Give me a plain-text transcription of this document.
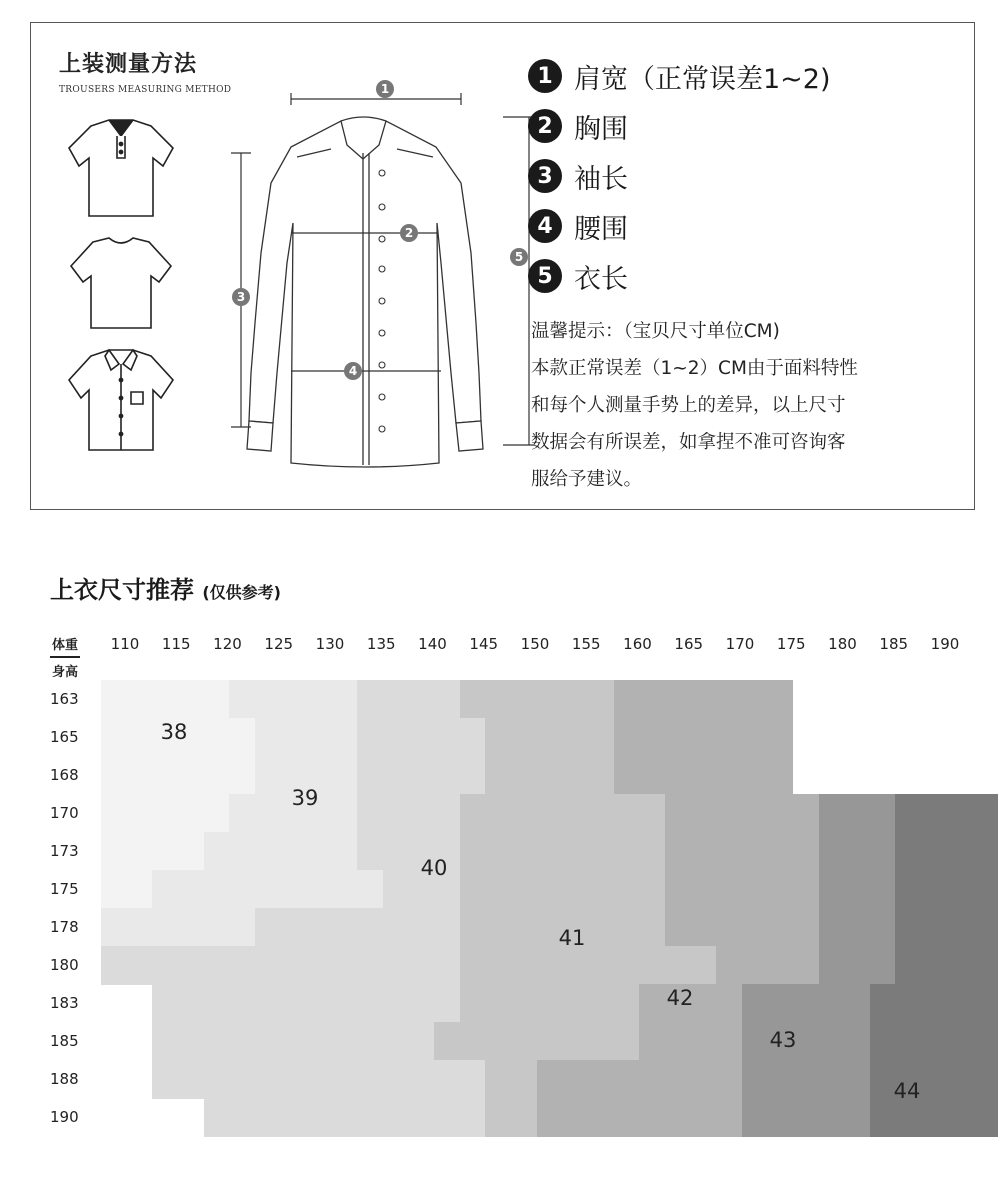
上装测量方法
TROUSERS MEASURING METHOD	1
2
3
4
5
1 肩宽（正常误差1~2)
2 胸围
3 袖长
4 腰围
5 衣长
温馨提示：（宝贝尺寸单位CM)
本款正常误差（1~2）CM由于面料特性
和每个人测量手势上的差异，以上尺寸
数据会有所误差，如拿捏不准可咨询客
服给予建议。
上衣尺寸推荐 (仅供参考)
体重
身高
110	115	120	125	130	135	140	145	150	155	160	165	170	175	180	185	190
163
165
168
170
173
175
178
180
183
185
188
190
38
39
40
41
42
43
44
